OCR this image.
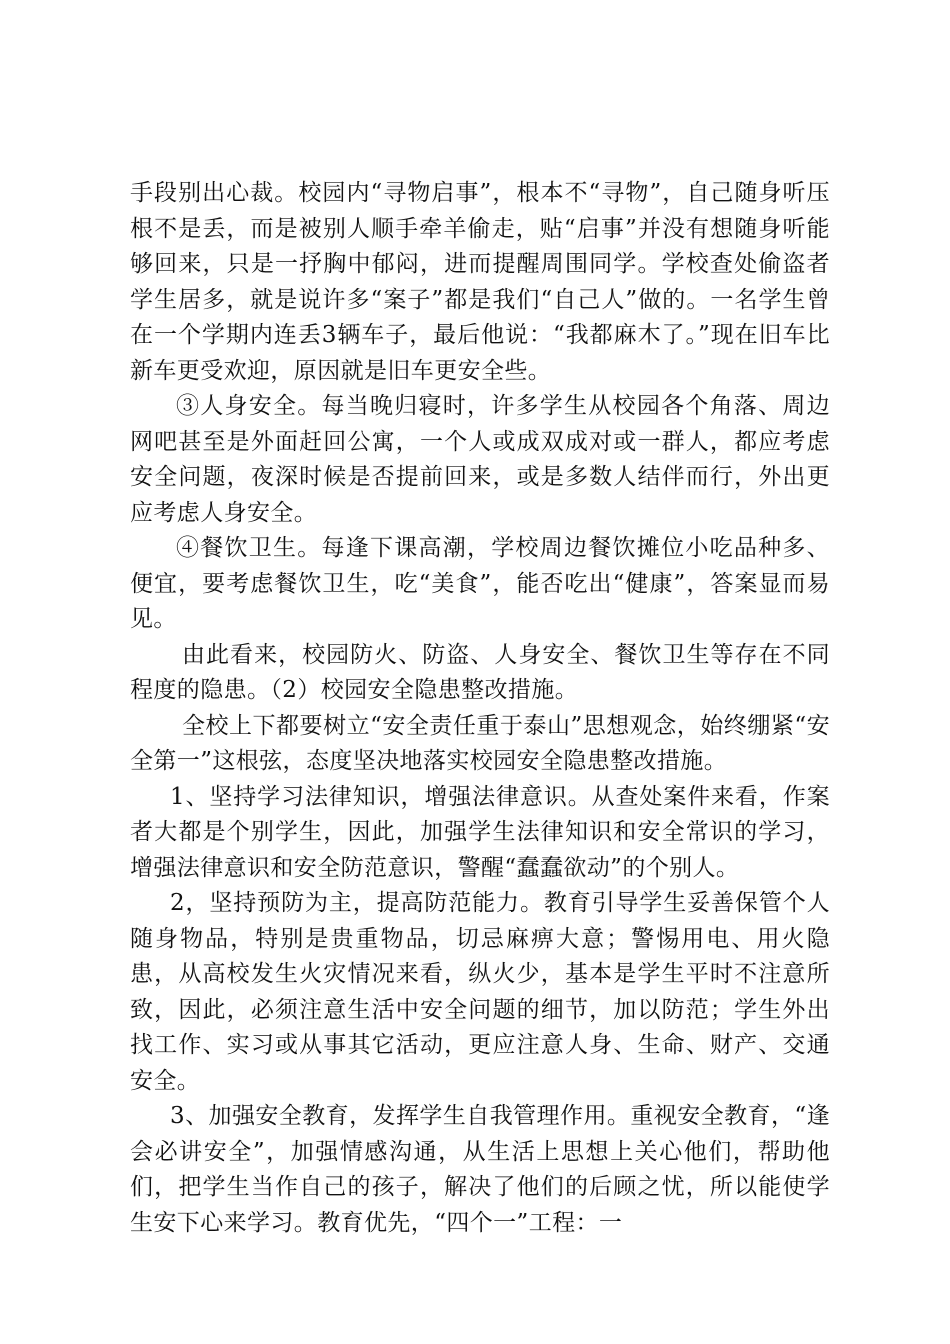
手段别出心裁。校园内“寻物启事”，根本不“寻物”，自己随身听压根不是丢，而是被别人顺手牵羊偷走，贴“启事”并没有想随身听能够回来，只是一抒胸中郁闷，进而提醒周围同学。学校查处偷盗者学生居多，就是说许多“案子”都是我们“自己人”做的。一名学生曾在一个学期内连丢3辆车子，最后他说：“我都麻木了。”现在旧车比新车更受欢迎，原因就是旧车更安全些。

③人身安全。每当晚归寝时，许多学生从校园各个角落、周边网吧甚至是外面赶回公寓，一个人或成双成对或一群人，都应考虑安全问题，夜深时候是否提前回来，或是多数人结伴而行，外出更应考虑人身安全。

④餐饮卫生。每逢下课高潮，学校周边餐饮摊位小吃品种多、便宜，要考虑餐饮卫生，吃“美食”，能否吃出“健康”，答案显而易见。

由此看来，校园防火、防盗、人身安全、餐饮卫生等存在不同程度的隐患。（2）校园安全隐患整改措施。

全校上下都要树立“安全责任重于泰山”思想观念，始终绷紧“安全第一”这根弦，态度坚决地落实校园安全隐患整改措施。

1、坚持学习法律知识，增强法律意识。从查处案件来看，作案者大都是个别学生，因此，加强学生法律知识和安全常识的学习，增强法律意识和安全防范意识，警醒“蠢蠢欲动”的个别人。

2，坚持预防为主，提高防范能力。教育引导学生妥善保管个人随身物品，特别是贵重物品，切忌麻痹大意；警惕用电、用火隐患，从高校发生火灾情况来看，纵火少，基本是学生平时不注意所致，因此，必须注意生活中安全问题的细节，加以防范；学生外出找工作、实习或从事其它活动，更应注意人身、生命、财产、交通安全。

3、加强安全教育，发挥学生自我管理作用。重视安全教育，“逢会必讲安全”，加强情感沟通，从生活上思想上关心他们，帮助他们，把学生当作自己的孩子，解决了他们的后顾之忧，所以能使学生安下心来学习。教育优先，“四个一”工程：一
